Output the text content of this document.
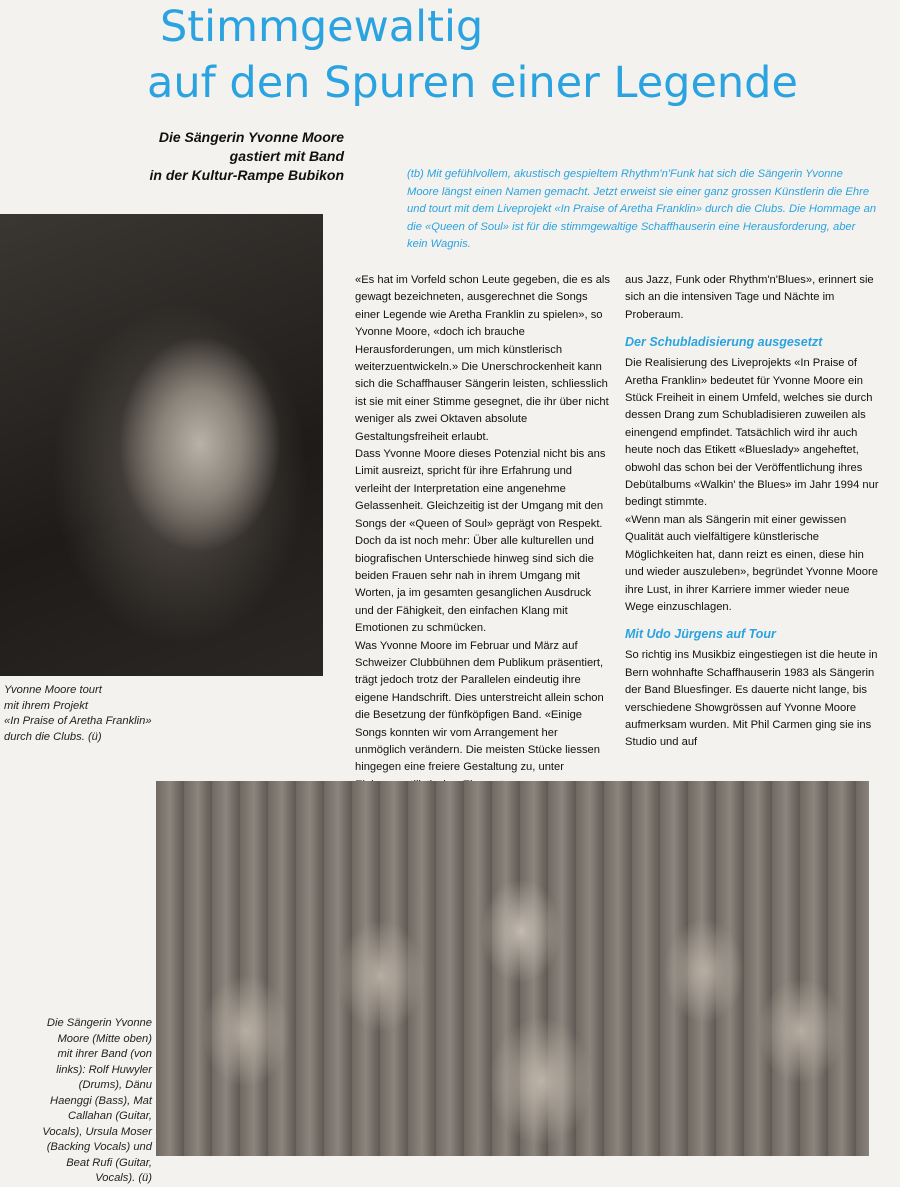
Stimmgewaltig
auf den Spuren einer Legende
Die Sängerin Yvonne Moore
gastiert mit Band
in der Kultur-Rampe Bubikon	(tb) Mit gefühlvollem, akustisch gespieltem Rhythm'n'Funk hat sich die Sängerin Yvonne Moore längst einen Namen gemacht. Jetzt erweist sie einer ganz grossen Künstlerin die Ehre und tourt mit dem Liveprojekt «In Praise of Aretha Franklin» durch die Clubs. Die Hommage an die «Queen of Soul» ist für die stimmgewaltige Schaffhauserin eine Herausforderung, aber kein Wagnis.
Yvonne Moore tourt
mit ihrem Projekt
«In Praise of Aretha Franklin»
durch die Clubs. (ü)

«Es hat im Vorfeld schon Leute gegeben, die es als gewagt bezeichneten, ausgerechnet die Songs einer Legende wie Aretha Franklin zu spielen», so Yvonne Moore, «doch ich brauche Herausforderungen, um mich künstlerisch weiterzuentwickeln.» Die Unerschrockenheit kann sich die Schaffhauser Sängerin leisten, schliesslich ist sie mit einer Stimme gesegnet, die ihr über nicht weniger als zwei Oktaven absolute Gestaltungsfreiheit erlaubt.

Dass Yvonne Moore dieses Potenzial nicht bis ans Limit ausreizt, spricht für ihre Erfahrung und verleiht der Interpretation eine angenehme Gelassenheit. Gleichzeitig ist der Umgang mit den Songs der «Queen of Soul» geprägt von Respekt. Doch da ist noch mehr: Über alle kulturellen und biografischen Unterschiede hinweg sind sich die beiden Frauen sehr nah in ihrem Umgang mit Worten, ja im gesamten gesanglichen Ausdruck und der Fähigkeit, den einfachen Klang mit Emotionen zu schmücken.

Was Yvonne Moore im Februar und März auf Schweizer Clubbühnen dem Publikum präsentiert, trägt jedoch trotz der Parallelen eindeutig ihre eigene Handschrift. Dies unterstreicht allein schon die Besetzung der fünfköpfigen Band. «Einige Songs konnten wir vom Arrangement her unmöglich verändern. Die meisten Stücke liessen hingegen eine freiere Gestaltung zu, unter

aus Jazz, Funk oder Rhythm'n'Blues», erinnert sie sich an die intensiven Tage und Nächte im Proberaum.

Der Schubladisierung ausgesetzt

Die Realisierung des Liveprojekts «In Praise of Aretha Franklin» bedeutet für Yvonne Moore ein Stück Freiheit in einem Umfeld, welches sie durch dessen Drang zum Schubladisieren zuweilen als einengend empfindet. Tatsächlich wird ihr auch heute noch das Etikett «Blueslady» angeheftet, obwohl das schon bei der Veröffentlichung ihres Debütalbums «Walkin' the Blues» im Jahr 1994 nur bedingt stimmte.

«Wenn man als Sängerin mit einer gewissen Qualität auch vielfältigere künstlerische Möglichkeiten hat, dann reizt es einen, diese hin und wieder auszuleben», begründet Yvonne Moore ihre Lust, in ihrer Karriere immer wieder neue Wege einzuschlagen.

Mit Udo Jürgens auf Tour

So richtig ins Musikbiz eingestiegen ist die heute in Bern wohnhafte Schaffhauserin 1983 als Sängerin der Band Bluesfinger. Es dauerte nicht lange, bis verschiedene Showgrössen auf Yvonne Moore aufmerksam wurden. Mit Phil Carmen ging sie ins Studio und auf

Die Sängerin Yvonne Moore (Mitte oben) mit ihrer Band (von links): Rolf Huwyler (Drums), Dänu Haenggi (Bass), Mat Callahan (Guitar, Vocals), Ursula Moser (Backing Vocals) und Beat Rufi (Guitar, Vocals). (ü)
